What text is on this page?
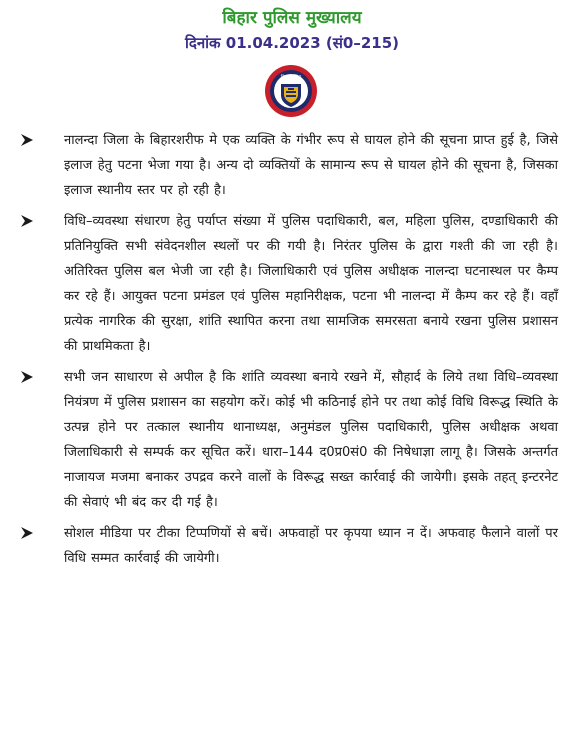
बिहार पुलिस मुख्यालय

दिनांक 01.04.2023 (सं0–215)

बिहार पुलिस

नालन्दा जिला के बिहारशरीफ मे एक व्यक्ति के गंभीर रूप से घायल होने की सूचना प्राप्त हुई है, जिसे इलाज हेतु पटना भेजा गया है। अन्य दो व्यक्तियों के सामान्य रूप से घायल होने की सूचना है, जिसका इलाज स्थानीय स्तर पर हो रही है।

विधि–व्यवस्था संधारण हेतु पर्याप्त संख्या में पुलिस पदाधिकारी, बल, महिला पुलिस, दण्डाधिकारी की प्रतिनियुक्ति सभी संवेदनशील स्थलों पर की गयी है। निरंतर पुलिस के द्वारा गश्ती की जा रही है। अतिरिक्त पुलिस बल भेजी जा रही है। जिलाधिकारी एवं पुलिस अधीक्षक नालन्दा घटनास्थल पर कैम्प कर रहे हैं। आयुक्त पटना प्रमंडल एवं पुलिस महानिरीक्षक, पटना भी नालन्दा में कैम्प कर रहे हैं। वहाँ प्रत्येक नागरिक की सुरक्षा, शांति स्थापित करना तथा सामजिक समरसता बनाये रखना पुलिस प्रशासन की प्राथमिकता है।

सभी जन साधारण से अपील है कि शांति व्यवस्था बनाये रखने में, सौहार्द के लिये तथा विधि–व्यवस्था नियंत्रण में पुलिस प्रशासन का सहयोग करें। कोई भी कठिनाई होने पर तथा कोई विधि विरूद्ध स्थिति के उत्पन्न होने पर तत्काल स्थानीय थानाध्यक्ष, अनुमंडल पुलिस पदाधिकारी, पुलिस अधीक्षक अथवा जिलाधिकारी से सम्पर्क कर सूचित करें। धारा–144 द0प्र0सं0 की निषेधाज्ञा लागू है। जिसके अन्तर्गत नाजायज मजमा बनाकर उपद्रव करने वालों के विरूद्ध सख्त कार्रवाई की जायेगी। इसके तहत् इन्टरनेट की सेवाएं भी बंद कर दी गई है।

सोशल मीडिया पर टीका टिप्पणियों से बचें। अफवाहों पर कृपया ध्यान न दें। अफवाह फैलाने वालों पर विधि सम्मत कार्रवाई की जायेगी।
